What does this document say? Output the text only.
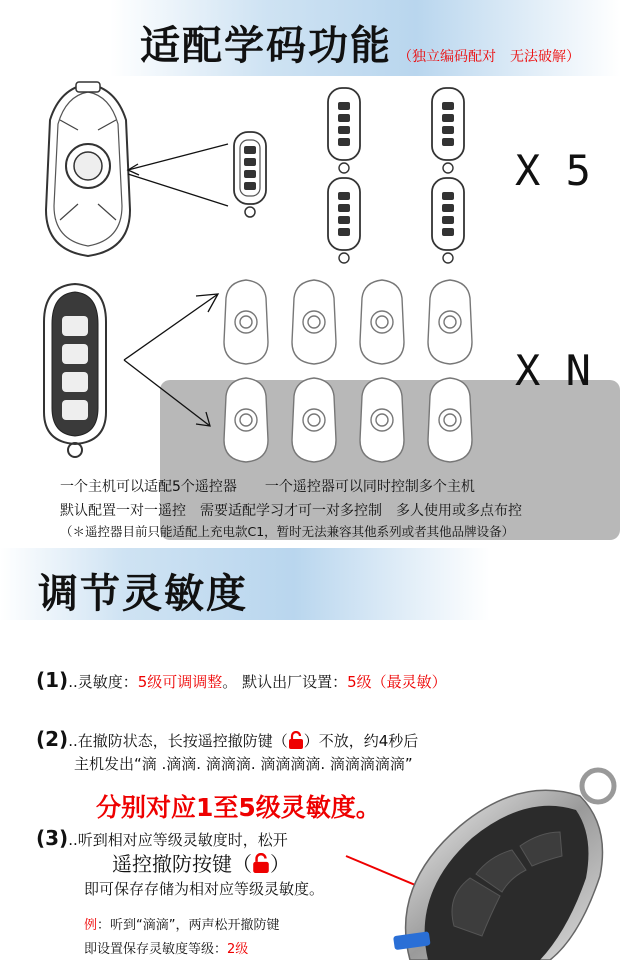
适配学码功能 （独立编码配对　无法破解）
X 5
X N
一个主机可以适配5个遥控器　　一个遥控器可以同时控制多个主机
默认配置一对一遥控　需要适配学习才可一对多控制　多人使用或多点布控
（＊遥控器目前只能适配上充电款C1，暂时无法兼容其他系列或者其他品牌设备）
调节灵敏度
(1)..灵敏度：5级可调调整。 默认出厂设置：5级（最灵敏）
(2)..在撤防状态，长按遥控撤防键（ ）不放，约4秒后
主机发出“滴 .滴滴. 滴滴滴. 滴滴滴滴. 滴滴滴滴滴”
分别对应1至5级灵敏度。
(3)..听到相对应等级灵敏度时，松开
遥控撤防按键（ ）
即可保存存储为相对应等级灵敏度。
例：听到“滴滴”，两声松开撤防键
即设置保存灵敏度等级：2级
